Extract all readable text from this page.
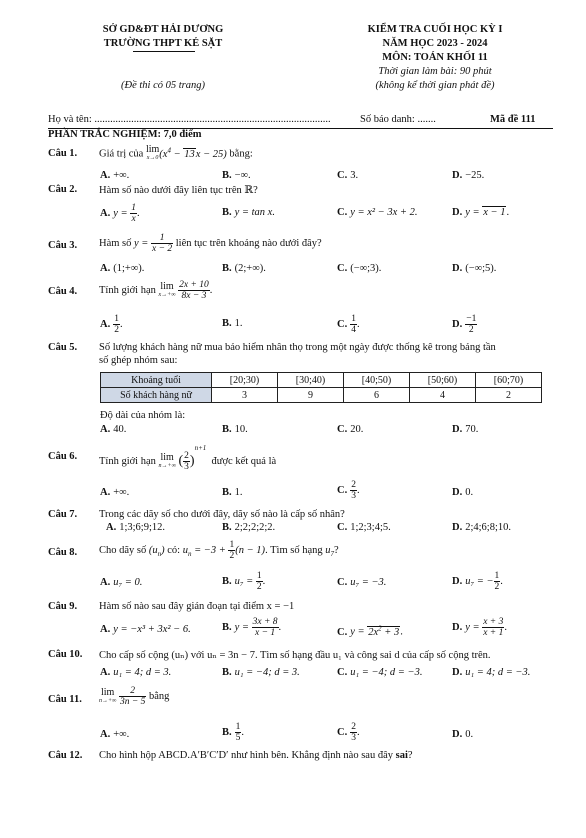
SỞ GD&ĐT HẢI DƯƠNG
TRƯỜNG THPT KẺ SẶT
(Đề thi có 05 trang)
KIỂM TRA CUỐI HỌC KỲ I
NĂM HỌC 2023 - 2024
MÔN: TOÁN KHỐI 11
Thời gian làm bài: 90 phút
(không kể thời gian phát đề)
Họ và tên: ..........................................................................................	Số báo danh: .......	Mã đề 111
PHẦN TRẮC NGHIỆM: 7,0 điểm
Câu 1. Giá trị của lim
x→0 $(x^4 - 13x - 25)$ bằng:
A. +∞.	B. −∞.	C. 3.	D. −25.
Câu 2. Hàm số nào dưới đây liên tục trên ℝ?
A. $y = \frac{1}{x}$ .	B. y = tan x.	C. y = x² − 3x + 2.	D. y = x − 1.
Câu 3. Hàm số $y = \frac{1}{x - 2}$ liên tục trên khoảng nào dưới đây?
A. (1;+∞).	B. (2;+∞).	C. (−∞;3).	D. (−∞;5).
Câu 4. Tính giới hạn lim
x→+∞
$\frac{2x + 10}{8x - 3}$ .
A. $\frac{1}{2}$ .	B. 1.	C. $\frac{1}{4}$ .	D. $\frac{-1}{2}$
Câu 5. Số lượng khách hàng nữ mua bảo hiểm nhân thọ trong một ngày được thống kê trong bảng tần
số ghép nhóm sau:
Khoảng tuổi	[20;30)	[30;40)	[40;50)	[50;60)	[60;70)
Số khách hàng nữ	3	9	6	4	2
Độ dài của nhóm là:
A. 40.	B. 10.	C. 20.	D. 70.
Câu 6. Tính giới hạn lim
n→+∞ ( $\frac{2}{3} )^{n+1}$  được kết quả là
A. +∞.	B. 1.	C. $\frac{2}{3}$ .	D. 0.
Câu 7. Trong các dãy số cho dưới đây, dãy số nào là cấp số nhân?
A. 1;3;6;9;12.	B. 2;2;2;2;2.	C. 1;2;3;4;5.	D. 2;4;6;8;10.
Câu 8. Cho dãy số $(u_n)$ có: $u_n = -3 + \frac{1}{2} (n - 1)$. Tìm số hạng $u_7$?
A. u₇ = 0.	B. $u_7 = \frac{1}{2}$ .	C. u₇ = −3.	D. u₇ = − $\frac{1}{2}$ .
Câu 9. Hàm số nào sau đây gián đoạn tại điểm x = −1
A. y = −x³ + 3x² − 6.	B. $y = \frac{3x + 8}{x - 1}$ .	C. $y = 2x^2 + 3$.	D. $y = \frac{x + 3}{x + 1}$ .
Câu 10. Cho cấp số cộng (uₙ) với uₙ = 3n − 7. Tìm số hạng đầu u₁ và công sai d của cấp số cộng trên.
A. u₁ = 4; d = 3.	B. u₁ = −4; d = 3.	C. u₁ = −4; d = −3.	D. u₁ = 4; d = −3.
Câu 11.
lim
n→+∞
$\frac{2}{3n - 5}$ bằng
A. +∞.	B. $\frac{1}{5}$ .	C. $\frac{2}{3}$ .	D. 0.
Câu 12. Cho hình hộp ABCD.A′B′C′D′ như hình bên. Khẳng định nào sau đây sai?
